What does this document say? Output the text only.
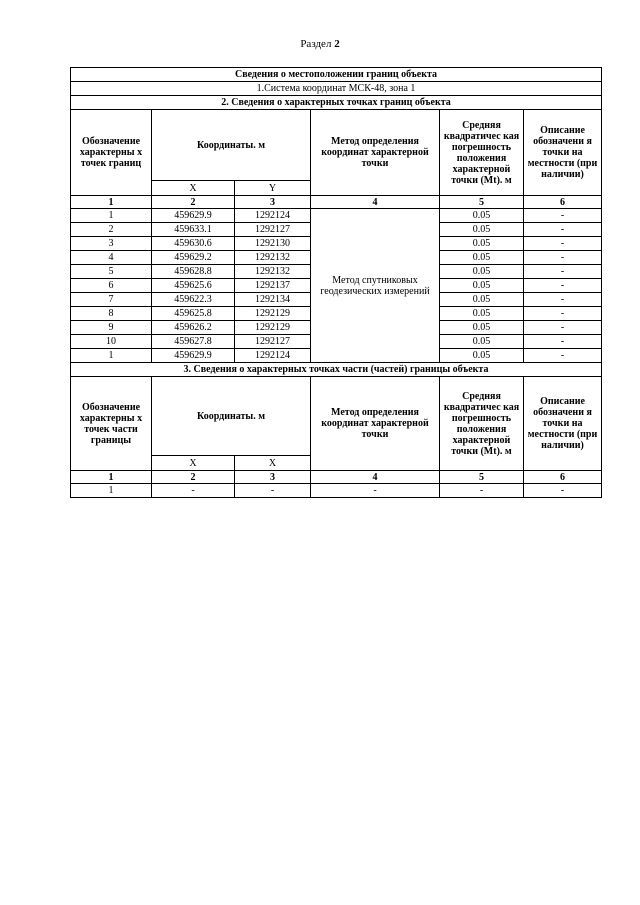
Раздел 2
Сведения о местоположении границ объекта					
1.Система координат МСК-48, зона 1					
2. Сведения о характерных точках границ объекта					
Обозначение характерны х точек границ	Координаты. м		Метод определения координат характерной точки	Средняя квадратичес кая погрешность положения характерной точки (Mt). м	Описание обозначени я точки на местности (при наличии)
	X	Y			
1	2	3	4	5	6
1	459629.9	1292124	Метод спутниковых геодезических измерений	0.05	-
2	459633.1	1292127		0.05	-
3	459630.6	1292130		0.05	-
4	459629.2	1292132		0.05	-
5	459628.8	1292132		0.05	-
6	459625.6	1292137		0.05	-
7	459622.3	1292134		0.05	-
8	459625.8	1292129		0.05	-
9	459626.2	1292129		0.05	-
10	459627.8	1292127		0.05	-
1	459629.9	1292124		0.05	-
3. Сведения о характерных точках части (частей) границы объекта					
Обозначение характерны х точек части границы	Координаты. м		Метод определения координат характерной точки	Средняя квадратичес кая погрешность положения характерной точки (Mt). м	Описание обозначени я точки на местности (при наличии)
	X	X			
1	2	3	4	5	6
1	-	-	-	-	-
